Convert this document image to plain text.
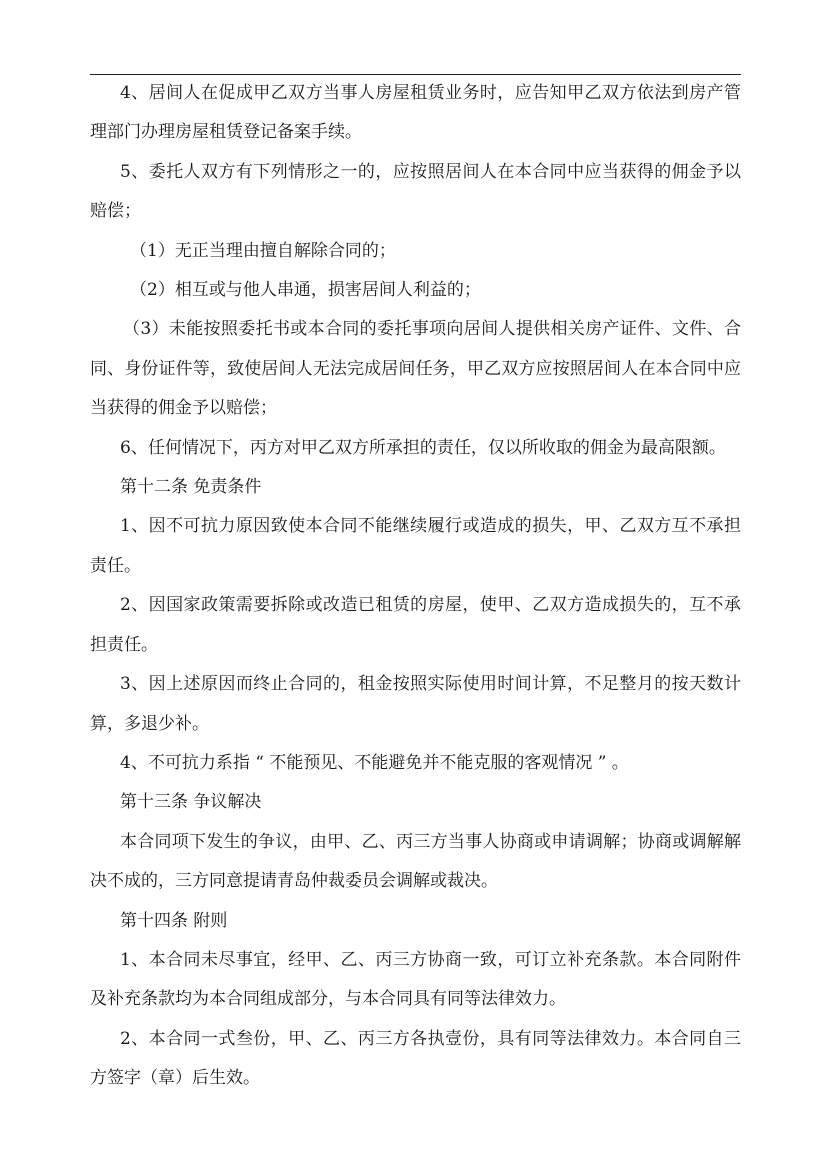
4、居间人在促成甲乙双方当事人房屋租赁业务时，应告知甲乙双方依法到房产管理部门办理房屋租赁登记备案手续。

5、委托人双方有下列情形之一的，应按照居间人在本合同中应当获得的佣金予以赔偿；

（1）无正当理由擅自解除合同的；

（2）相互或与他人串通，损害居间人利益的；

（3）未能按照委托书或本合同的委托事项向居间人提供相关房产证件、文件、合同、身份证件等，致使居间人无法完成居间任务，甲乙双方应按照居间人在本合同中应当获得的佣金予以赔偿；

6、任何情况下，丙方对甲乙双方所承担的责任，仅以所收取的佣金为最高限额。

第十二条 免责条件

1、因不可抗力原因致使本合同不能继续履行或造成的损失，甲、乙双方互不承担责任。

2、因国家政策需要拆除或改造已租赁的房屋，使甲、乙双方造成损失的，互不承担责任。

3、因上述原因而终止合同的，租金按照实际使用时间计算，不足整月的按天数计算，多退少补。

4、不可抗力系指 “ 不能预见、不能避免并不能克服的客观情况 ” 。

第十三条 争议解决

本合同项下发生的争议，由甲、乙、丙三方当事人协商或申请调解；协商或调解解决不成的，三方同意提请青岛仲裁委员会调解或裁决。

第十四条 附则

1、本合同未尽事宜，经甲、乙、丙三方协商一致，可订立补充条款。本合同附件及补充条款均为本合同组成部分，与本合同具有同等法律效力。

2、本合同一式叁份，甲、乙、丙三方各执壹份，具有同等法律效力。本合同自三方签字（章）后生效。
